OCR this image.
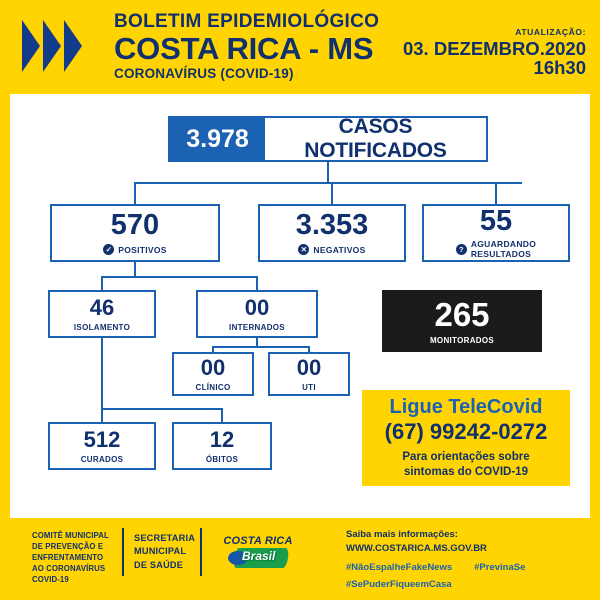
BOLETIM EPIDEMIOLÓGICO
COSTA RICA - MS
CORONAVÍRUS (COVID-19)
ATUALIZAÇÃO:
03. DEZEMBRO.2020
16h30
3.978	CASOS NOTIFICADOS
570
✓ POSITIVOS
3.353
✕ NEGATIVOS
55
?
AGUARDANDO
RESULTADOS
46
ISOLAMENTO
00
INTERNADOS
00
CLÍNICO
00
UTI
512
CURADOS
12
ÓBITOS
265
MONITORADOS
Ligue TeleCovid
(67) 99242-0272
Para orientações sobre
sintomas do COVID-19
COMITÊ MUNICIPAL
DE PREVENÇÃO E
ENFRENTAMENTO
AO CORONAVÍRUS
COVID-19
SECRETARIA
MUNICIPAL
DE SAÚDE
COSTA RICA
Brasil
Saiba mais informações:
WWW.COSTARICA.MS.GOV.BR
#NãoEspalheFakeNews #PrevinaSe
#SePuderFiqueemCasa
